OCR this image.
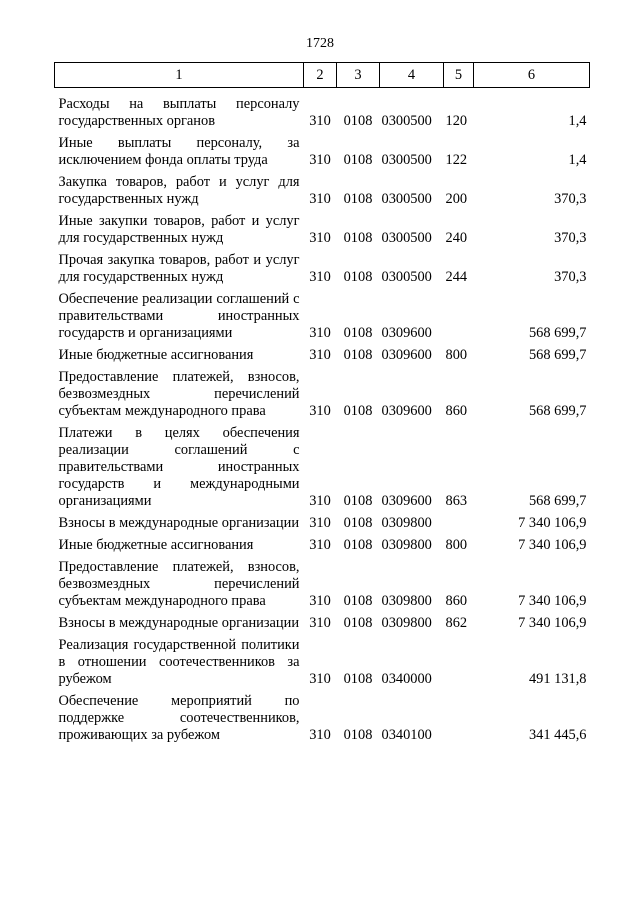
1728
1	2	3	4	5	6

Расходы на выплаты персоналу государственных органов	310	0108	0300500	120	1,4

Иные выплаты персоналу, за исключением фонда оплаты труда	310	0108	0300500	122	1,4

Закупка товаров, работ и услуг для государственных нужд	310	0108	0300500	200	370,3

Иные закупки товаров, работ и услуг для государственных нужд	310	0108	0300500	240	370,3

Прочая закупка товаров, работ и услуг для государственных нужд	310	0108	0300500	244	370,3

Обеспечение реализации соглашений с правительствами иностранных государств и организациями	310	0108	0309600		568 699,7

Иные бюджетные ассигнования	310	0108	0309600	800	568 699,7

Предоставление платежей, взносов, безвозмездных перечислений субъектам международного права	310	0108	0309600	860	568 699,7

Платежи в целях обеспечения реализации соглашений с правительствами иностранных государств и международными организациями	310	0108	0309600	863	568 699,7

Взносы в международные организации	310	0108	0309800		7 340 106,9

Иные бюджетные ассигнования	310	0108	0309800	800	7 340 106,9

Предоставление платежей, взносов, безвозмездных перечислений субъектам международного права	310	0108	0309800	860	7 340 106,9

Взносы в международные организации	310	0108	0309800	862	7 340 106,9

Реализация государственной политики в отношении соотечественников за рубежом	310	0108	0340000		491 131,8

Обеспечение мероприятий по поддержке соотечественников, проживающих за рубежом	310	0108	0340100		341 445,6
